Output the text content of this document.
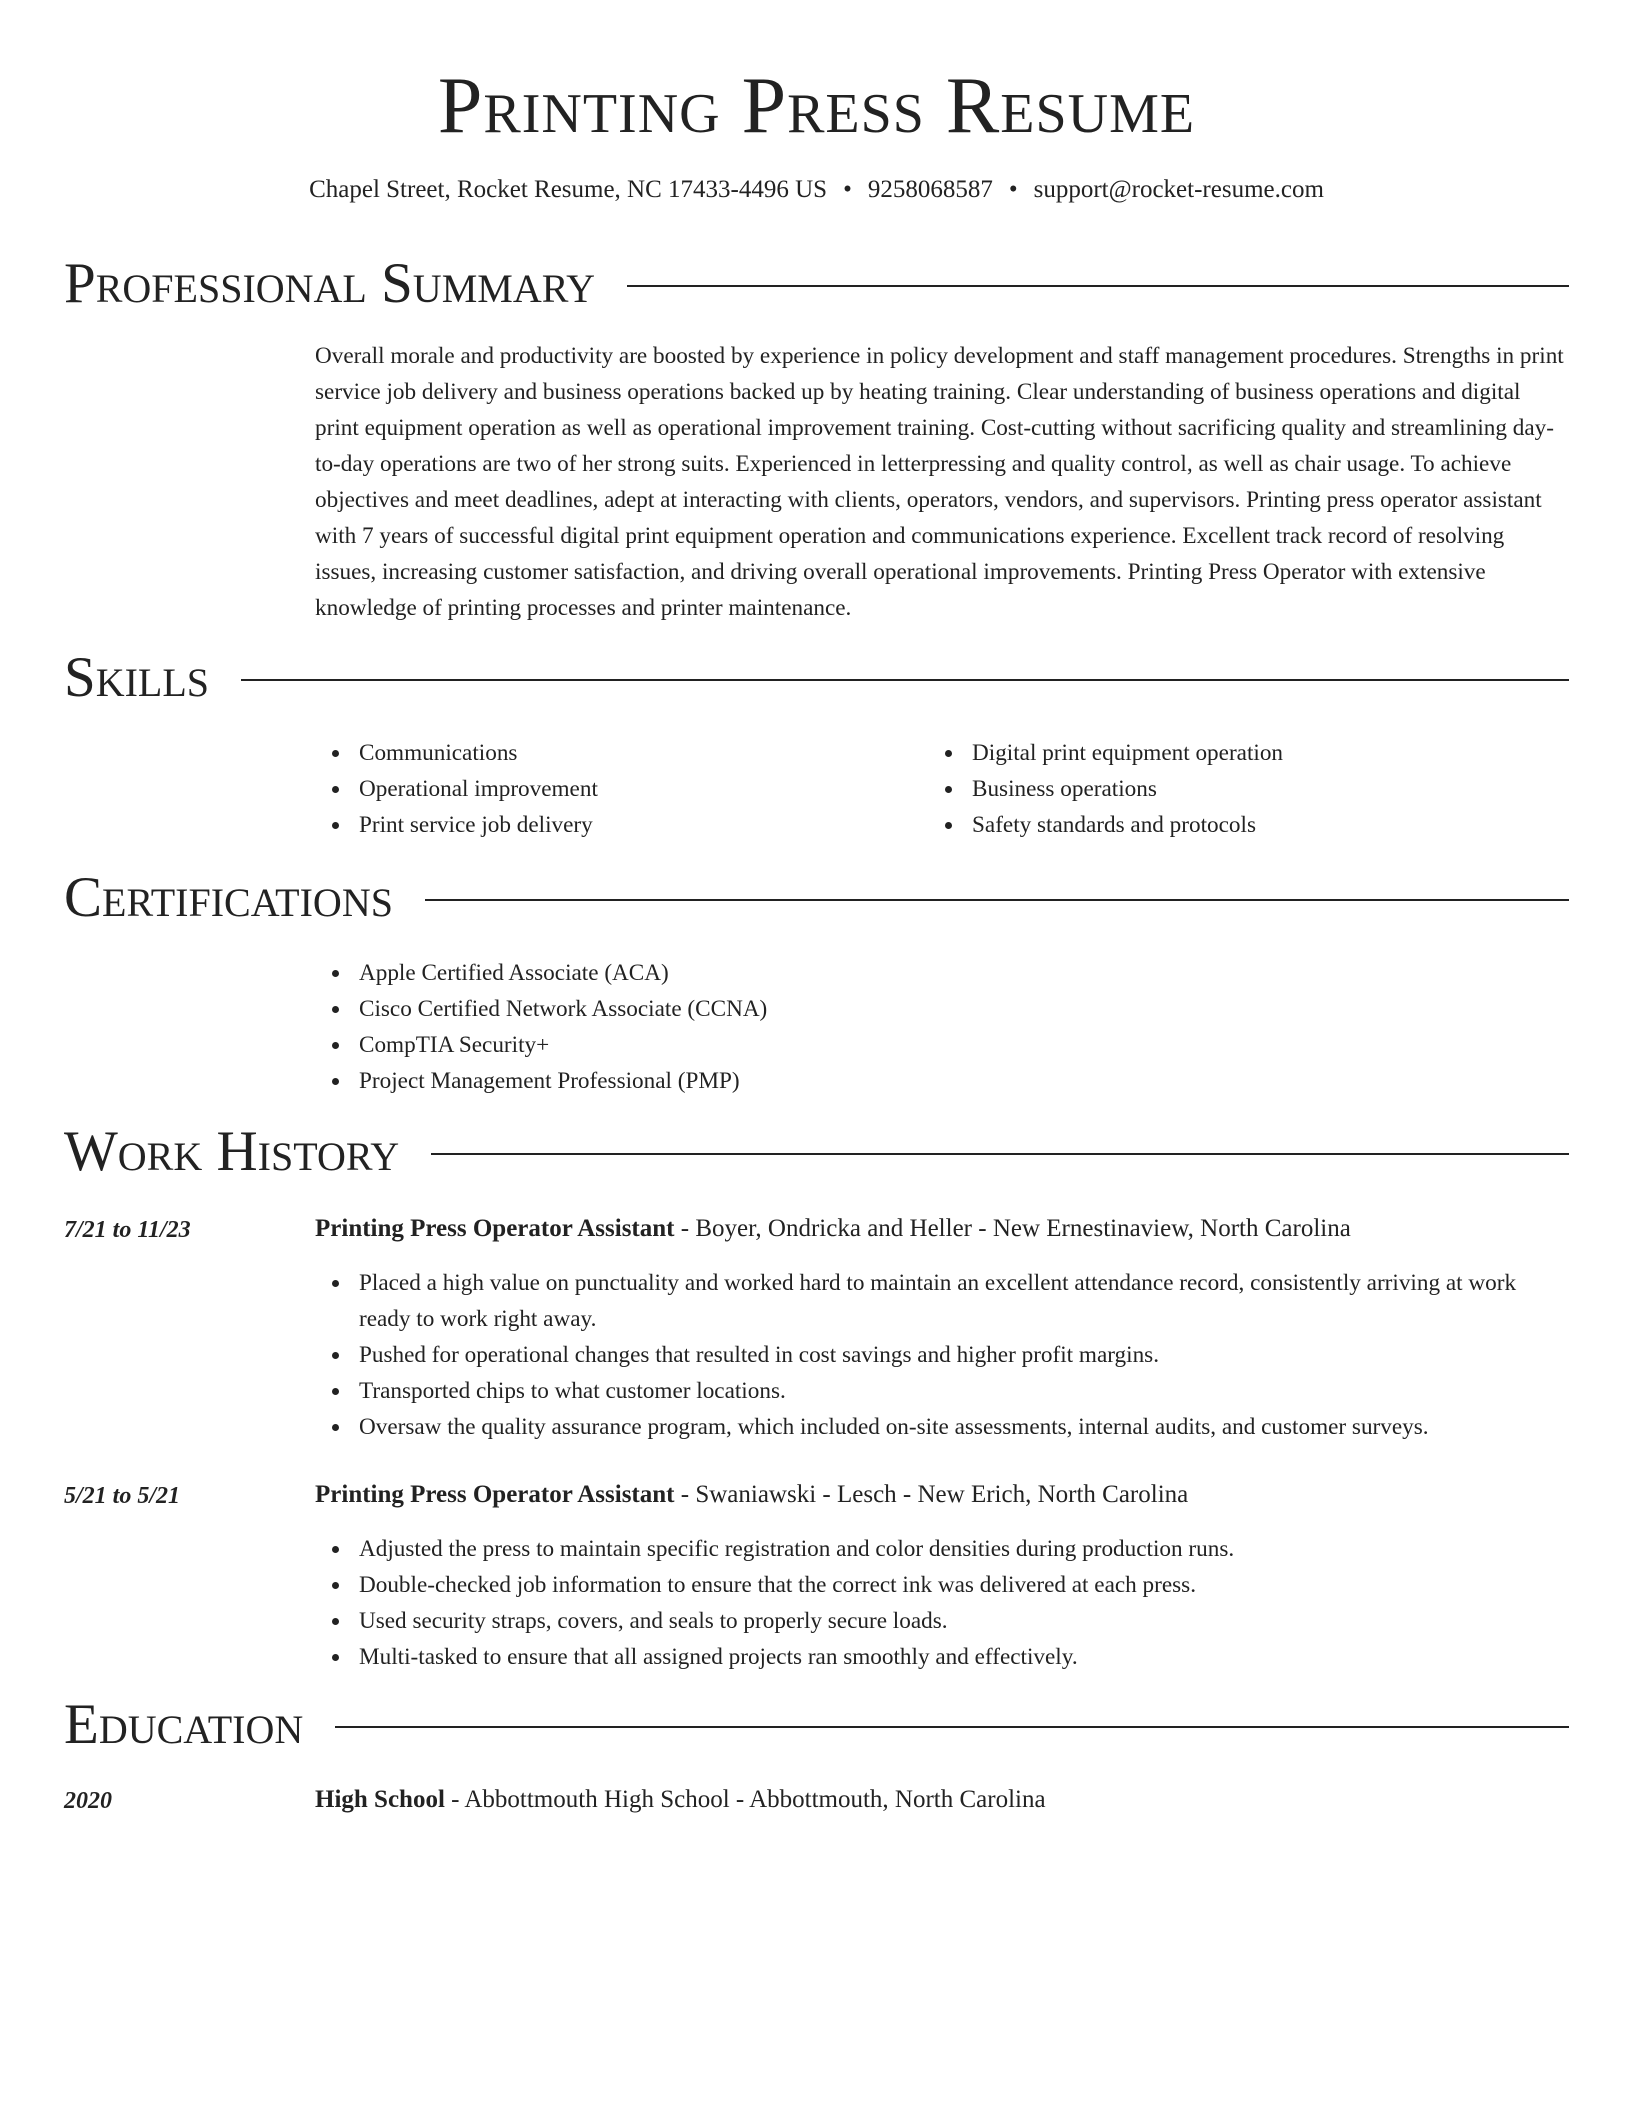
Printing Press Resume
Chapel Street, Rocket Resume, NC 17433-4496 US • 9258068587 • support@rocket-resume.com
Professional Summary

Overall morale and productivity are boosted by experience in policy development and staff management procedures. Strengths in print service job delivery and business operations backed up by heating training. Clear understanding of business operations and digital print equipment operation as well as operational improvement training. Cost-cutting without sacrificing quality and streamlining day-to-day operations are two of her strong suits. Experienced in letterpressing and quality control, as well as chair usage. To achieve objectives and meet deadlines, adept at interacting with clients, operators, vendors, and supervisors. Printing press operator assistant with 7 years of successful digital print equipment operation and communications experience. Excellent track record of resolving issues, increasing customer satisfaction, and driving overall operational improvements. Printing Press Operator with extensive knowledge of printing processes and printer maintenance.

Skills
Communications
Operational improvement
Print service job delivery
Digital print equipment operation
Business operations
Safety standards and protocols
Certifications
Apple Certified Associate (ACA)
Cisco Certified Network Associate (CCNA)
CompTIA Security+
Project Management Professional (PMP)
Work History
7/21 to 11/23	Printing Press Operator Assistant - Boyer, Ondricka and Heller - New Ernestinaview, North Carolina
Placed a high value on punctuality and worked hard to maintain an excellent attendance record, consistently arriving at work ready to work right away.
Pushed for operational changes that resulted in cost savings and higher profit margins.
Transported chips to what customer locations.
Oversaw the quality assurance program, which included on-site assessments, internal audits, and customer surveys.
5/21 to 5/21	Printing Press Operator Assistant - Swaniawski - Lesch - New Erich, North Carolina
Adjusted the press to maintain specific registration and color densities during production runs.
Double-checked job information to ensure that the correct ink was delivered at each press.
Used security straps, covers, and seals to properly secure loads.
Multi-tasked to ensure that all assigned projects ran smoothly and effectively.
Education
2020	High School - Abbottmouth High School - Abbottmouth, North Carolina
